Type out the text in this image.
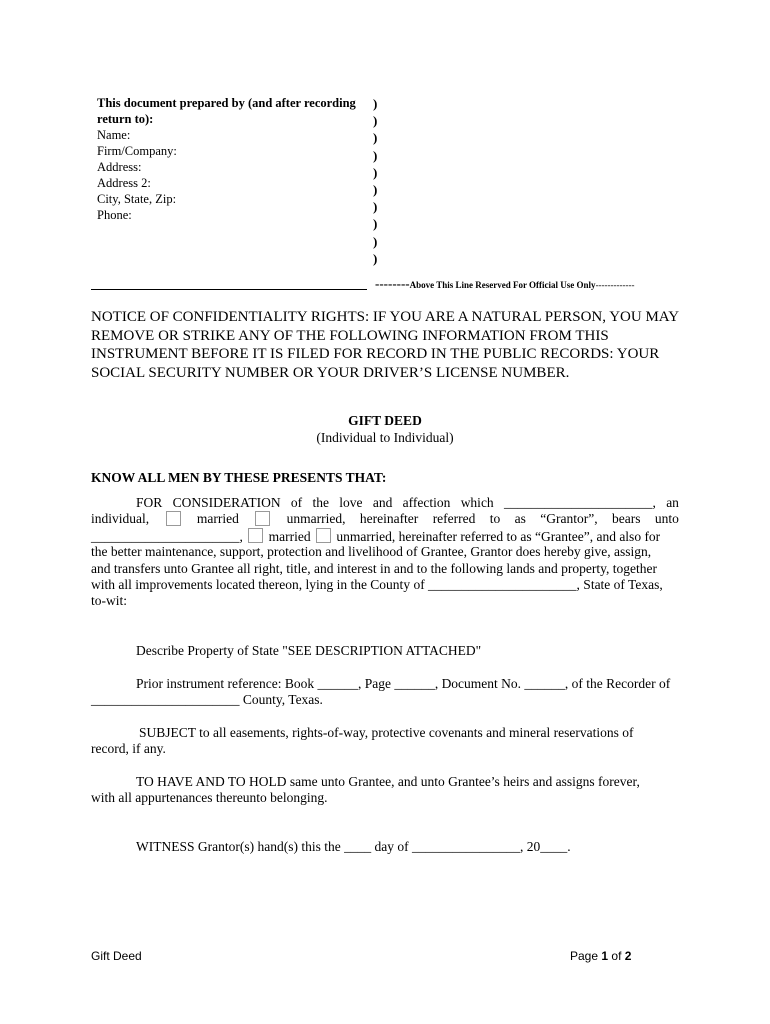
This document prepared by (and after recording return to):
Name:
Firm/Company:
Address:
Address 2:
City, State, Zip:
Phone:
)
)
)
)
)
)
)
)
)
)
--------Above This Line Reserved For Official Use Only-------------
NOTICE OF CONFIDENTIALITY RIGHTS: IF YOU ARE A NATURAL PERSON, YOU MAY REMOVE OR STRIKE ANY OF THE FOLLOWING INFORMATION FROM THIS INSTRUMENT BEFORE IT IS FILED FOR RECORD IN THE PUBLIC RECORDS: YOUR SOCIAL SECURITY NUMBER OR YOUR DRIVER’S LICENSE NUMBER.
GIFT DEED
(Individual to Individual)
KNOW ALL MEN BY THESE PRESENTS THAT:
FOR CONSIDERATION of the love and affection which ______________________, an
individual,	married	unmarried, hereinafter referred to as “Grantor”, bears unto
______________________, married unmarried, hereinafter referred to as “Grantee”, and also for
the better maintenance, support, protection and livelihood of Grantee, Grantor does hereby give, assign,
and transfers unto Grantee all right, title, and interest in and to the following lands and property, together
with all improvements located thereon, lying in the County of ______________________, State of Texas,
to-wit:
Describe Property of State "SEE DESCRIPTION ATTACHED"
Prior instrument reference: Book ______, Page ______, Document No. ______, of the Recorder of
______________________ County, Texas.
SUBJECT to all easements, rights-of-way, protective covenants and mineral reservations of
record, if any.
TO HAVE AND TO HOLD same unto Grantee, and unto Grantee’s heirs and assigns forever,
with all appurtenances thereunto belonging.
WITNESS Grantor(s) hand(s) this the ____ day of ________________, 20____.
Gift Deed	Page 1 of 2
